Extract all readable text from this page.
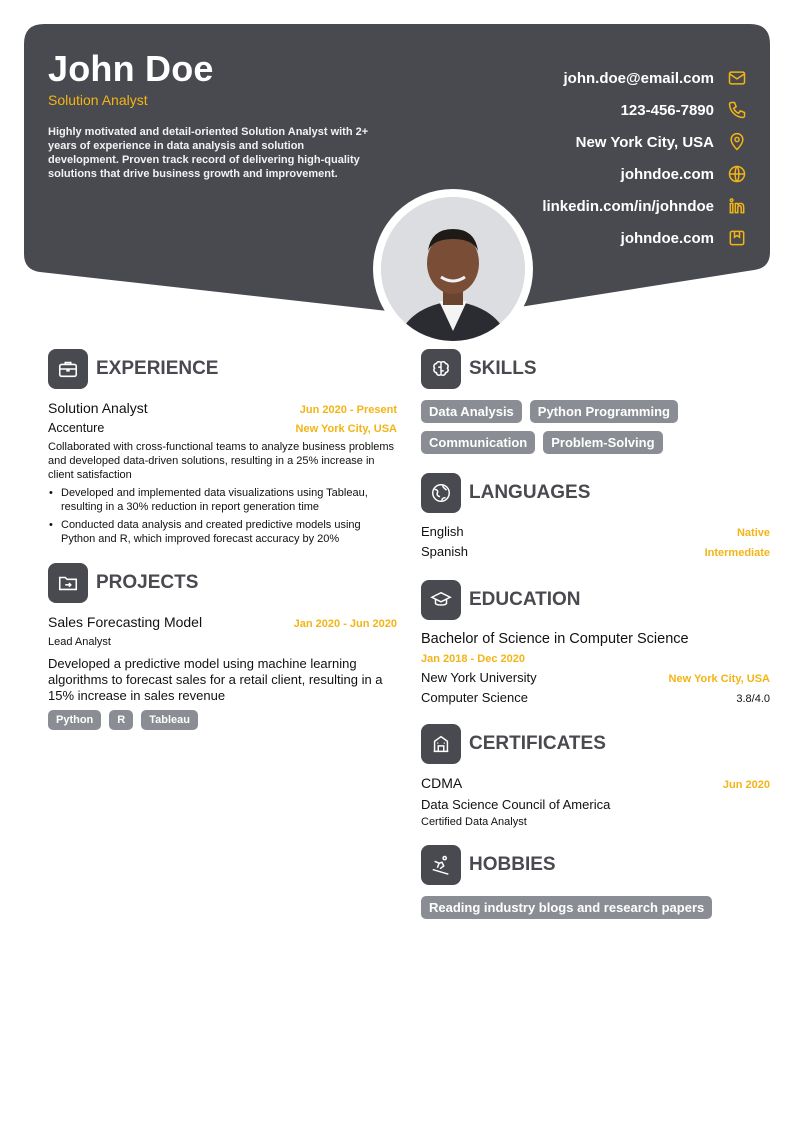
John Doe
Solution Analyst
Highly motivated and detail-oriented Solution Analyst with 2+ years of experience in data analysis and solution development. Proven track record of delivering high-quality solutions that drive business growth and improvement.
john.doe@email.com
123-456-7890
New York City, USA
johndoe.com
linkedin.com/in/johndoe
johndoe.com
EXPERIENCE
Solution Analyst	Jun 2020 - Present
Accenture	New York City, USA
Collaborated with cross-functional teams to analyze business problems and developed data-driven solutions, resulting in a 25% increase in client satisfaction
• Developed and implemented data visualizations using Tableau, resulting in a 30% reduction in report generation time
• Conducted data analysis and created predictive models using Python and R, which improved forecast accuracy by 20%
PROJECTS
Sales Forecasting Model	Jan 2020 - Jun 2020
Lead Analyst
Developed a predictive model using machine learning algorithms to forecast sales for a retail client, resulting in a 15% increase in sales revenue
Python	R	Tableau
SKILLS
Data Analysis	Python Programming
Communication	Problem-Solving
LANGUAGES
English	Native
Spanish	Intermediate
EDUCATION
Bachelor of Science in Computer Science
Jan 2018 - Dec 2020
New York University	New York City, USA
Computer Science	3.8/4.0
CERTIFICATES
CDMA	Jun 2020
Data Science Council of America
Certified Data Analyst
HOBBIES
Reading industry blogs and research papers
